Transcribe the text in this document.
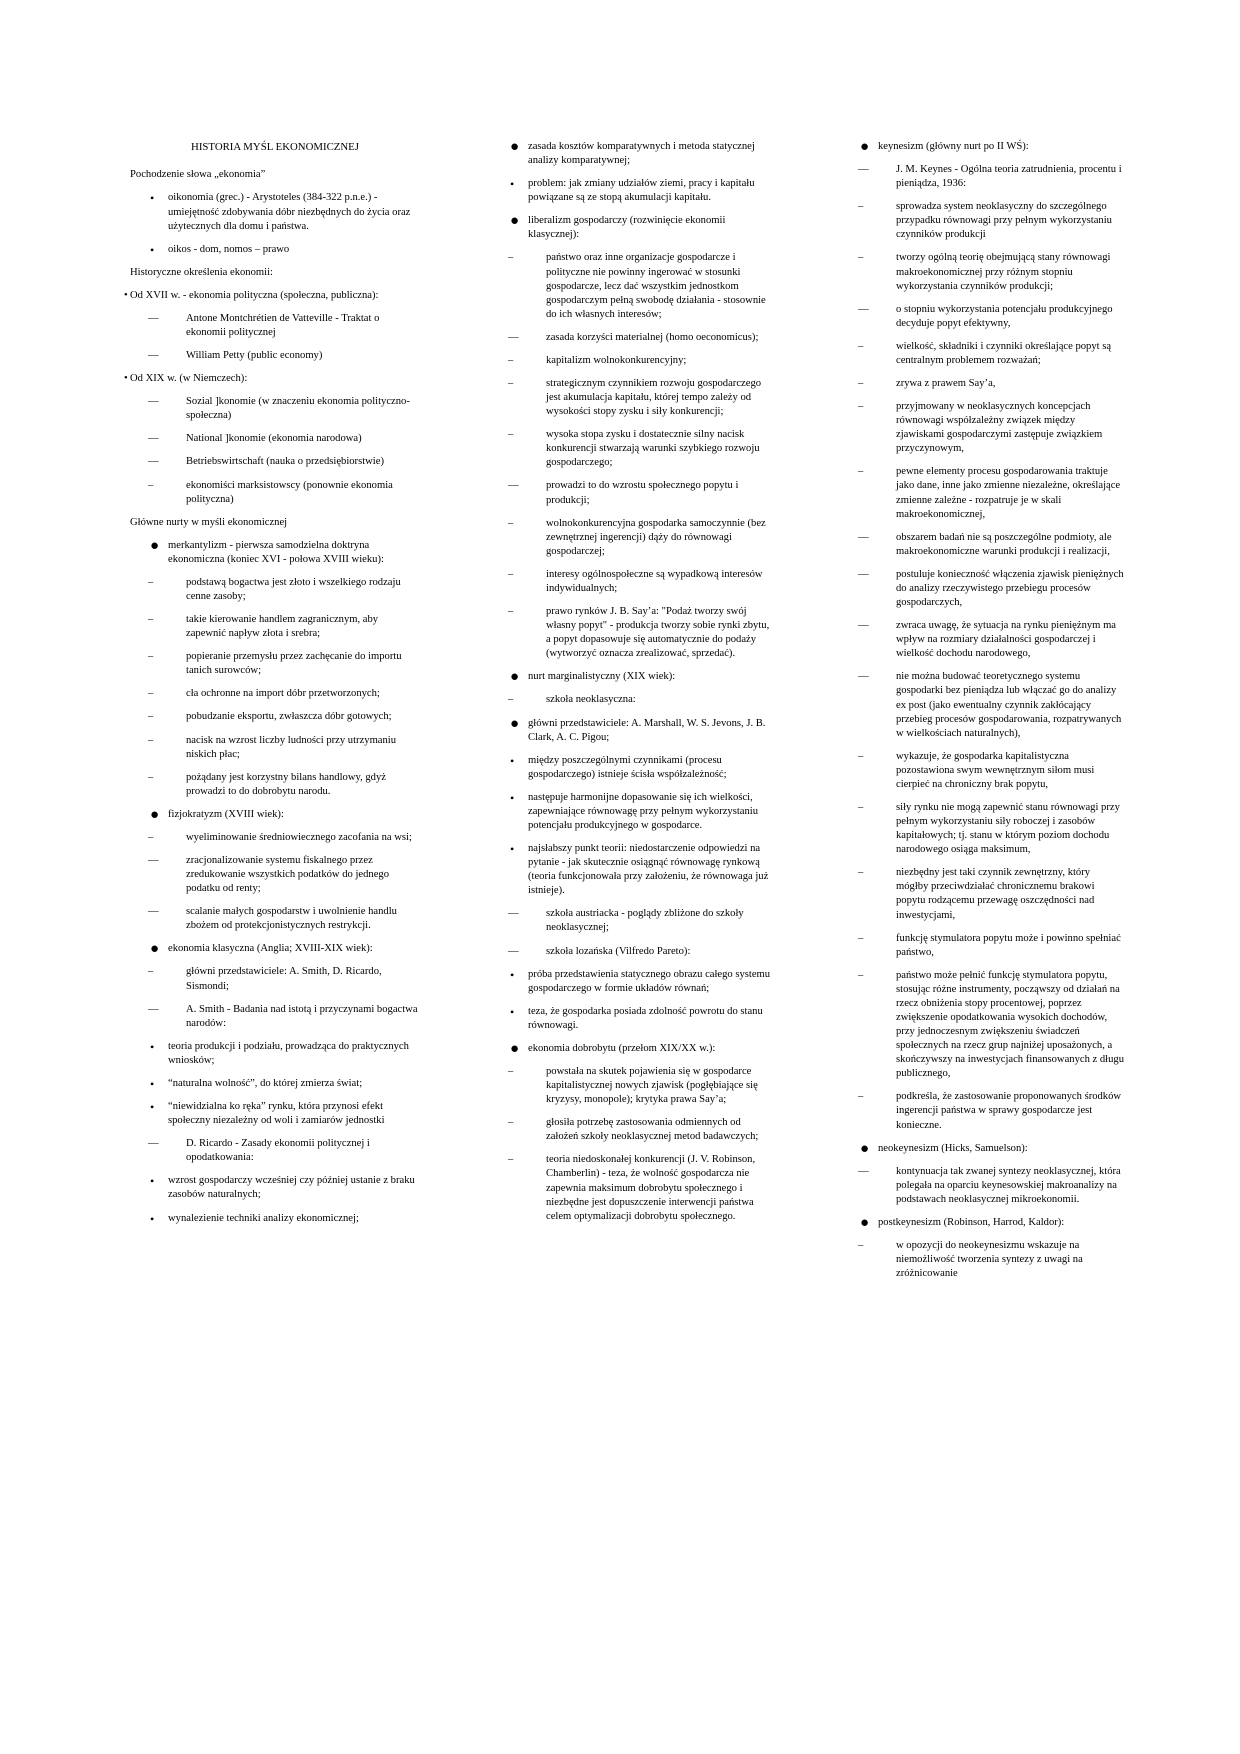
HISTORIA MYŚL EKONOMICZNEJ
Pochodzenie słowa „ekonomia”
• oikonomia (grec.) - Arystoteles (384-322 p.n.e.) - umiejętność zdobywania dóbr niezbędnych do życia oraz użytecznych dla domu i państwa.
• oikos - dom, nomos – prawo
Historyczne określenia ekonomii:
• Od XVII w. - ekonomia polityczna (społeczna, publiczna):
—	Antone Montchrétien de Vatteville - Traktat o ekonomii politycznej
—	William Petty (public economy)
• Od XIX w. (w Niemczech):
—	Sozial ]konomie (w znaczeniu ekonomia polityczno-społeczna)
—	National ]konomie (ekonomia narodowa)
—	Betriebswirtschaft (nauka o przedsiębiorstwie)
–	ekonomiści marksistowscy (ponownie ekonomia polityczna)
Główne nurty w myśli ekonomicznej
● merkantylizm - pierwsza samodzielna doktryna ekonomiczna (koniec XVI - połowa XVIII wieku):
–	podstawą bogactwa jest złoto i wszelkiego rodzaju cenne zasoby;
–	takie kierowanie handlem zagranicznym, aby zapewnić napływ złota i srebra;
–	popieranie przemysłu przez zachęcanie do importu tanich surowców;
–	cła ochronne na import dóbr przetworzonych;
–	pobudzanie eksportu, zwłaszcza dóbr gotowych;
–	nacisk na wzrost liczby ludności przy utrzymaniu niskich płac;
–	pożądany jest korzystny bilans handlowy, gdyż prowadzi to do dobrobytu narodu.
● fizjokratyzm (XVIII wiek):
–	wyeliminowanie średniowiecznego zacofania na wsi;
—	zracjonalizowanie systemu fiskalnego przez zredukowanie wszystkich podatków do jednego podatku od renty;
—	scalanie małych gospodarstw i uwolnienie handlu zbożem od protekcjonistycznych restrykcji.
● ekonomia klasyczna (Anglia; XVIII-XIX wiek):
–	główni przedstawiciele: A. Smith, D. Ricardo, Sismondi;
—	A. Smith - Badania nad istotą i przyczynami bogactwa narodów:
• teoria produkcji i podziału, prowadząca do praktycznych wniosków;
• “naturalna wolność”, do której zmierza świat;
• “niewidzialna ko ręka” rynku, która przynosi efekt społeczny niezależny od woli i zamiarów jednostki
—	D. Ricardo - Zasady ekonomii politycznej i opodatkowania:
• wzrost gospodarczy wcześniej czy później ustanie z braku zasobów naturalnych;
• wynalezienie techniki analizy ekonomicznej;
● zasada kosztów komparatywnych i metoda statycznej analizy komparatywnej;
• problem: jak zmiany udziałów ziemi, pracy i kapitału powiązane są ze stopą akumulacji kapitału.
● liberalizm gospodarczy (rozwinięcie ekonomii klasycznej):
–	państwo oraz inne organizacje gospodarcze i polityczne nie powinny ingerować w stosunki gospodarcze, lecz dać wszystkim jednostkom gospodarczym pełną swobodę działania - stosownie do ich własnych interesów;
—	zasada korzyści materialnej (homo oeconomicus);
–	kapitalizm wolnokonkurencyjny;
–	strategicznym czynnikiem rozwoju gospodarczego jest akumulacja kapitału, której tempo zależy od wysokości stopy zysku i siły konkurencji;
–	wysoka stopa zysku i dostatecznie silny nacisk konkurencji stwarzają warunki szybkiego rozwoju gospodarczego;
—	prowadzi to do wzrostu społecznego popytu i produkcji;
–	wolnokonkurencyjna gospodarka samoczynnie (bez zewnętrznej ingerencji) dąży do równowagi gospodarczej;
–	interesy ogólnospołeczne są wypadkową interesów indywidualnych;
–	prawo rynków J. B. Say’a: "Podaż tworzy swój własny popyt" - produkcja tworzy sobie rynki zbytu, a popyt dopasowuje się automatycznie do podaży (wytworzyć oznacza zrealizować, sprzedać).
● nurt marginalistyczny (XIX wiek):
–	szkoła neoklasyczna:
● główni przedstawiciele: A. Marshall, W. S. Jevons, J. B. Clark, A. C. Pigou;
• między poszczególnymi czynnikami (procesu gospodarczego) istnieje ścisła współzależność;
• następuje harmonijne dopasowanie się ich wielkości, zapewniające równowagę przy pełnym wykorzystaniu potencjału produkcyjnego w gospodarce.
• najsłabszy punkt teorii: niedostarczenie odpowiedzi na pytanie - jak skutecznie osiągnąć równowagę rynkową (teoria funkcjonowała przy założeniu, że równowaga już istnieje).
—	szkoła austriacka - poglądy zbliżone do szkoły neoklasycznej;
—	szkoła lozańska (Vilfredo Pareto):
• próba przedstawienia statycznego obrazu całego systemu gospodarczego w formie układów równań;
• teza, że gospodarka posiada zdolność powrotu do stanu równowagi.
● ekonomia dobrobytu (przełom XIX/XX w.):
–	powstała na skutek pojawienia się w gospodarce kapitalistycznej nowych zjawisk (pogłębiające się kryzysy, monopole); krytyka prawa Say’a;
–	głosiła potrzebę zastosowania odmiennych od założeń szkoły neoklasycznej metod badawczych;
–	teoria niedoskonałej konkurencji (J. V. Robinson, Chamberlin) - teza, że wolność gospodarcza nie zapewnia maksimum dobrobytu społecznego i niezbędne jest dopuszczenie interwencji państwa celem optymalizacji dobrobytu społecznego.
● keynesizm (główny nurt po II WŚ):
—	J. M. Keynes - Ogólna teoria zatrudnienia, procentu i pieniądza, 1936:
–	sprowadza system neoklasyczny do szczególnego przypadku równowagi przy pełnym wykorzystaniu czynników produkcji
–	tworzy ogólną teorię obejmującą stany równowagi makroekonomicznej przy różnym stopniu wykorzystania czynników produkcji;
—	o stopniu wykorzystania potencjału produkcyjnego decyduje popyt efektywny,
–	wielkość, składniki i czynniki określające popyt są centralnym problemem rozważań;
–	zrywa z prawem Say’a,
–	przyjmowany w neoklasycznych koncepcjach równowagi współzależny związek między zjawiskami gospodarczymi zastępuje związkiem przyczynowym,
–	pewne elementy procesu gospodarowania traktuje jako dane, inne jako zmienne niezależne, określające zmienne zależne - rozpatruje je w skali makroekonomicznej,
—	obszarem badań nie są poszczególne podmioty, ale makroekonomiczne warunki produkcji i realizacji,
—	postuluje konieczność włączenia zjawisk pieniężnych do analizy rzeczywistego przebiegu procesów gospodarczych,
—	zwraca uwagę, że sytuacja na rynku pieniężnym ma wpływ na rozmiary działalności gospodarczej i wielkość dochodu narodowego,
—	nie można budować teoretycznego systemu gospodarki bez pieniądza lub włączać go do analizy ex post (jako ewentualny czynnik zakłócający przebieg procesów gospodarowania, rozpatrywanych w wielkościach naturalnych),
–	wykazuje, że gospodarka kapitalistyczna pozostawiona swym wewnętrznym siłom musi cierpieć na chroniczny brak popytu,
–	siły rynku nie mogą zapewnić stanu równowagi przy pełnym wykorzystaniu siły roboczej i zasobów kapitałowych; tj. stanu w którym poziom dochodu narodowego osiąga maksimum,
–	niezbędny jest taki czynnik zewnętrzny, który mógłby przeciwdziałać chronicznemu brakowi popytu rodzącemu przewagę oszczędności nad inwestycjami,
–	funkcję stymulatora popytu może i powinno spełniać państwo,
–	państwo może pełnić funkcję stymulatora popytu, stosując różne instrumenty, począwszy od działań na rzecz obniżenia stopy procentowej, poprzez zwiększenie opodatkowania wysokich dochodów, przy jednoczesnym zwiększeniu świadczeń społecznych na rzecz grup najniżej uposażonych, a skończywszy na inwestycjach finansowanych z długu publicznego,
–	podkreśla, że zastosowanie proponowanych środków ingerencji państwa w sprawy gospodarcze jest konieczne.
● neokeynesizm (Hicks, Samuelson):
—	kontynuacja tak zwanej syntezy neoklasycznej, która polegała na oparciu keynesowskiej makroanalizy na podstawach neoklasycznej mikroekonomii.
● postkeynesizm (Robinson, Harrod, Kaldor):
–	w opozycji do neokeynesizmu wskazuje na niemożliwość tworzenia syntezy z uwagi na zróżnicowanie
